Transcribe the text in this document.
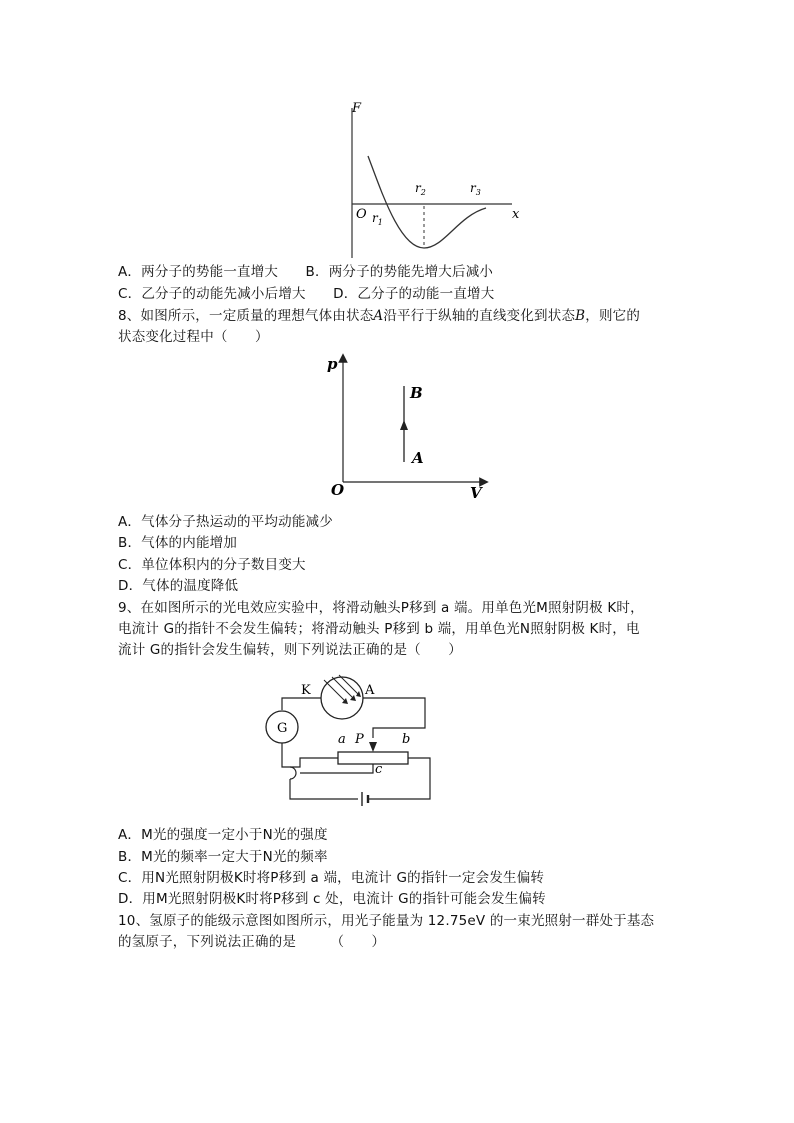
F
x
O $r_1$
$r_2$	$r_3$
A．两分子的势能一直增大　　B．两分子的势能先增大后减小
C．乙分子的动能先减小后增大　　D．乙分子的动能一直增大
8、如图所示，一定质量的理想气体由状态A沿平行于纵轴的直线变化到状态B，则它的
状态变化过程中（　　）
p
V
O
B
A
A．气体分子热运动的平均动能减少
B．气体的内能增加
C．单位体积内的分子数目变大
D．气体的温度降低
9、在如图所示的光电效应实验中，将滑动触头P移到 a 端。用单色光M照射阴极 K时，
电流计 G的指针不会发生偏转；将滑动触头 P移到 b 端，用单色光N照射阴极 K时，电
流计 G的指针会发生偏转，则下列说法正确的是（　　）
K	A
G
a P	b
c
A．M光的强度一定小于N光的强度
B．M光的频率一定大于N光的频率
C．用N光照射阴极K时将P移到 a 端，电流计 G的指针一定会发生偏转
D．用M光照射阴极K时将P移到 c 处，电流计 G的指针可能会发生偏转
10、氢原子的能级示意图如图所示，用光子能量为 12.75eV 的一束光照射一群处于基态
的氢原子，下列说法正确的是　　　（　　）
